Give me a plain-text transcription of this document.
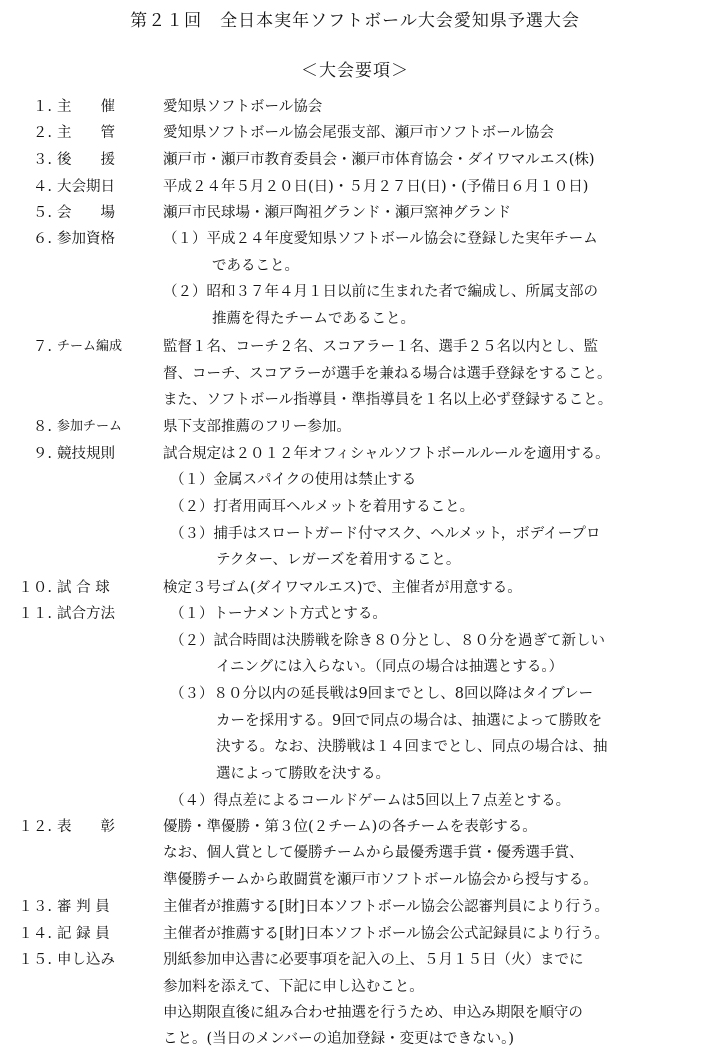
第２１回　全日本実年ソフトボール大会愛知県予選大会
＜大会要項＞
１. 主　　催	愛知県ソフトボール協会
２. 主　　管	愛知県ソフトボール協会尾張支部、瀬戸市ソフトボール協会
３. 後　　援	瀬戸市・瀬戸市教育委員会・瀬戸市体育協会・ダイワマルエス(株)
４. 大会期日	平成２４年５月２０日(日)・５月２７日(日)・(予備日６月１０日)
５. 会　　場	瀬戸市民球場・瀬戸陶祖グランド・瀬戸窯神グランド
６. 参加資格	（１）平成２４年度愛知県ソフトボール協会に登録した実年チーム
であること。
（２）昭和３７年４月１日以前に生まれた者で編成し、所属支部の
推薦を得たチームであること。
７. チーム編成	監督１名、コーチ２名、スコアラー１名、選手２５名以内とし、監
督、コーチ、スコアラーが選手を兼ねる場合は選手登録をすること。
また、ソフトボール指導員・準指導員を１名以上必ず登録すること。
８. 参加チーム	県下支部推薦のフリー参加。
９. 競技規則	試合規定は２０１２年オフィシャルソフトボールルールを適用する。
（１）金属スパイクの使用は禁止する
（２）打者用両耳ヘルメットを着用すること。
（３）捕手はスロートガード付マスク、ヘルメット，ボデイープロ
テクター、レガーズを着用すること。
１０. 試 合 球	検定３号ゴム(ダイワマルエス)で、主催者が用意する。
１１. 試合方法	（１）トーナメント方式とする。
（２）試合時間は決勝戦を除き８０分とし、８０分を過ぎて新しい
イニングには入らない。（同点の場合は抽選とする。）
（３）８０分以内の延長戦は9回までとし、8回以降はタイブレー
カーを採用する。9回で同点の場合は、抽選によって勝敗を
決する。なお、決勝戦は１４回までとし、同点の場合は、抽
選によって勝敗を決する。
（４）得点差によるコールドゲームは5回以上７点差とする。
１２. 表　　彰	優勝・準優勝・第３位(２チーム)の各チームを表彰する。
なお、個人賞として優勝チームから最優秀選手賞・優秀選手賞、
準優勝チームから敢闘賞を瀬戸市ソフトボール協会から授与する。
１３. 審 判 員	主催者が推薦する[財]日本ソフトボール協会公認審判員により行う。
１４. 記 録 員	主催者が推薦する[財]日本ソフトボール協会公式記録員により行う。
１５. 申し込み	別紙参加申込書に必要事項を記入の上、５月１５日（火）までに
参加料を添えて、下記に申し込むこと。
申込期限直後に組み合わせ抽選を行うため、申込み期限を順守の
こと。(当日のメンバーの追加登録・変更はできない。)
